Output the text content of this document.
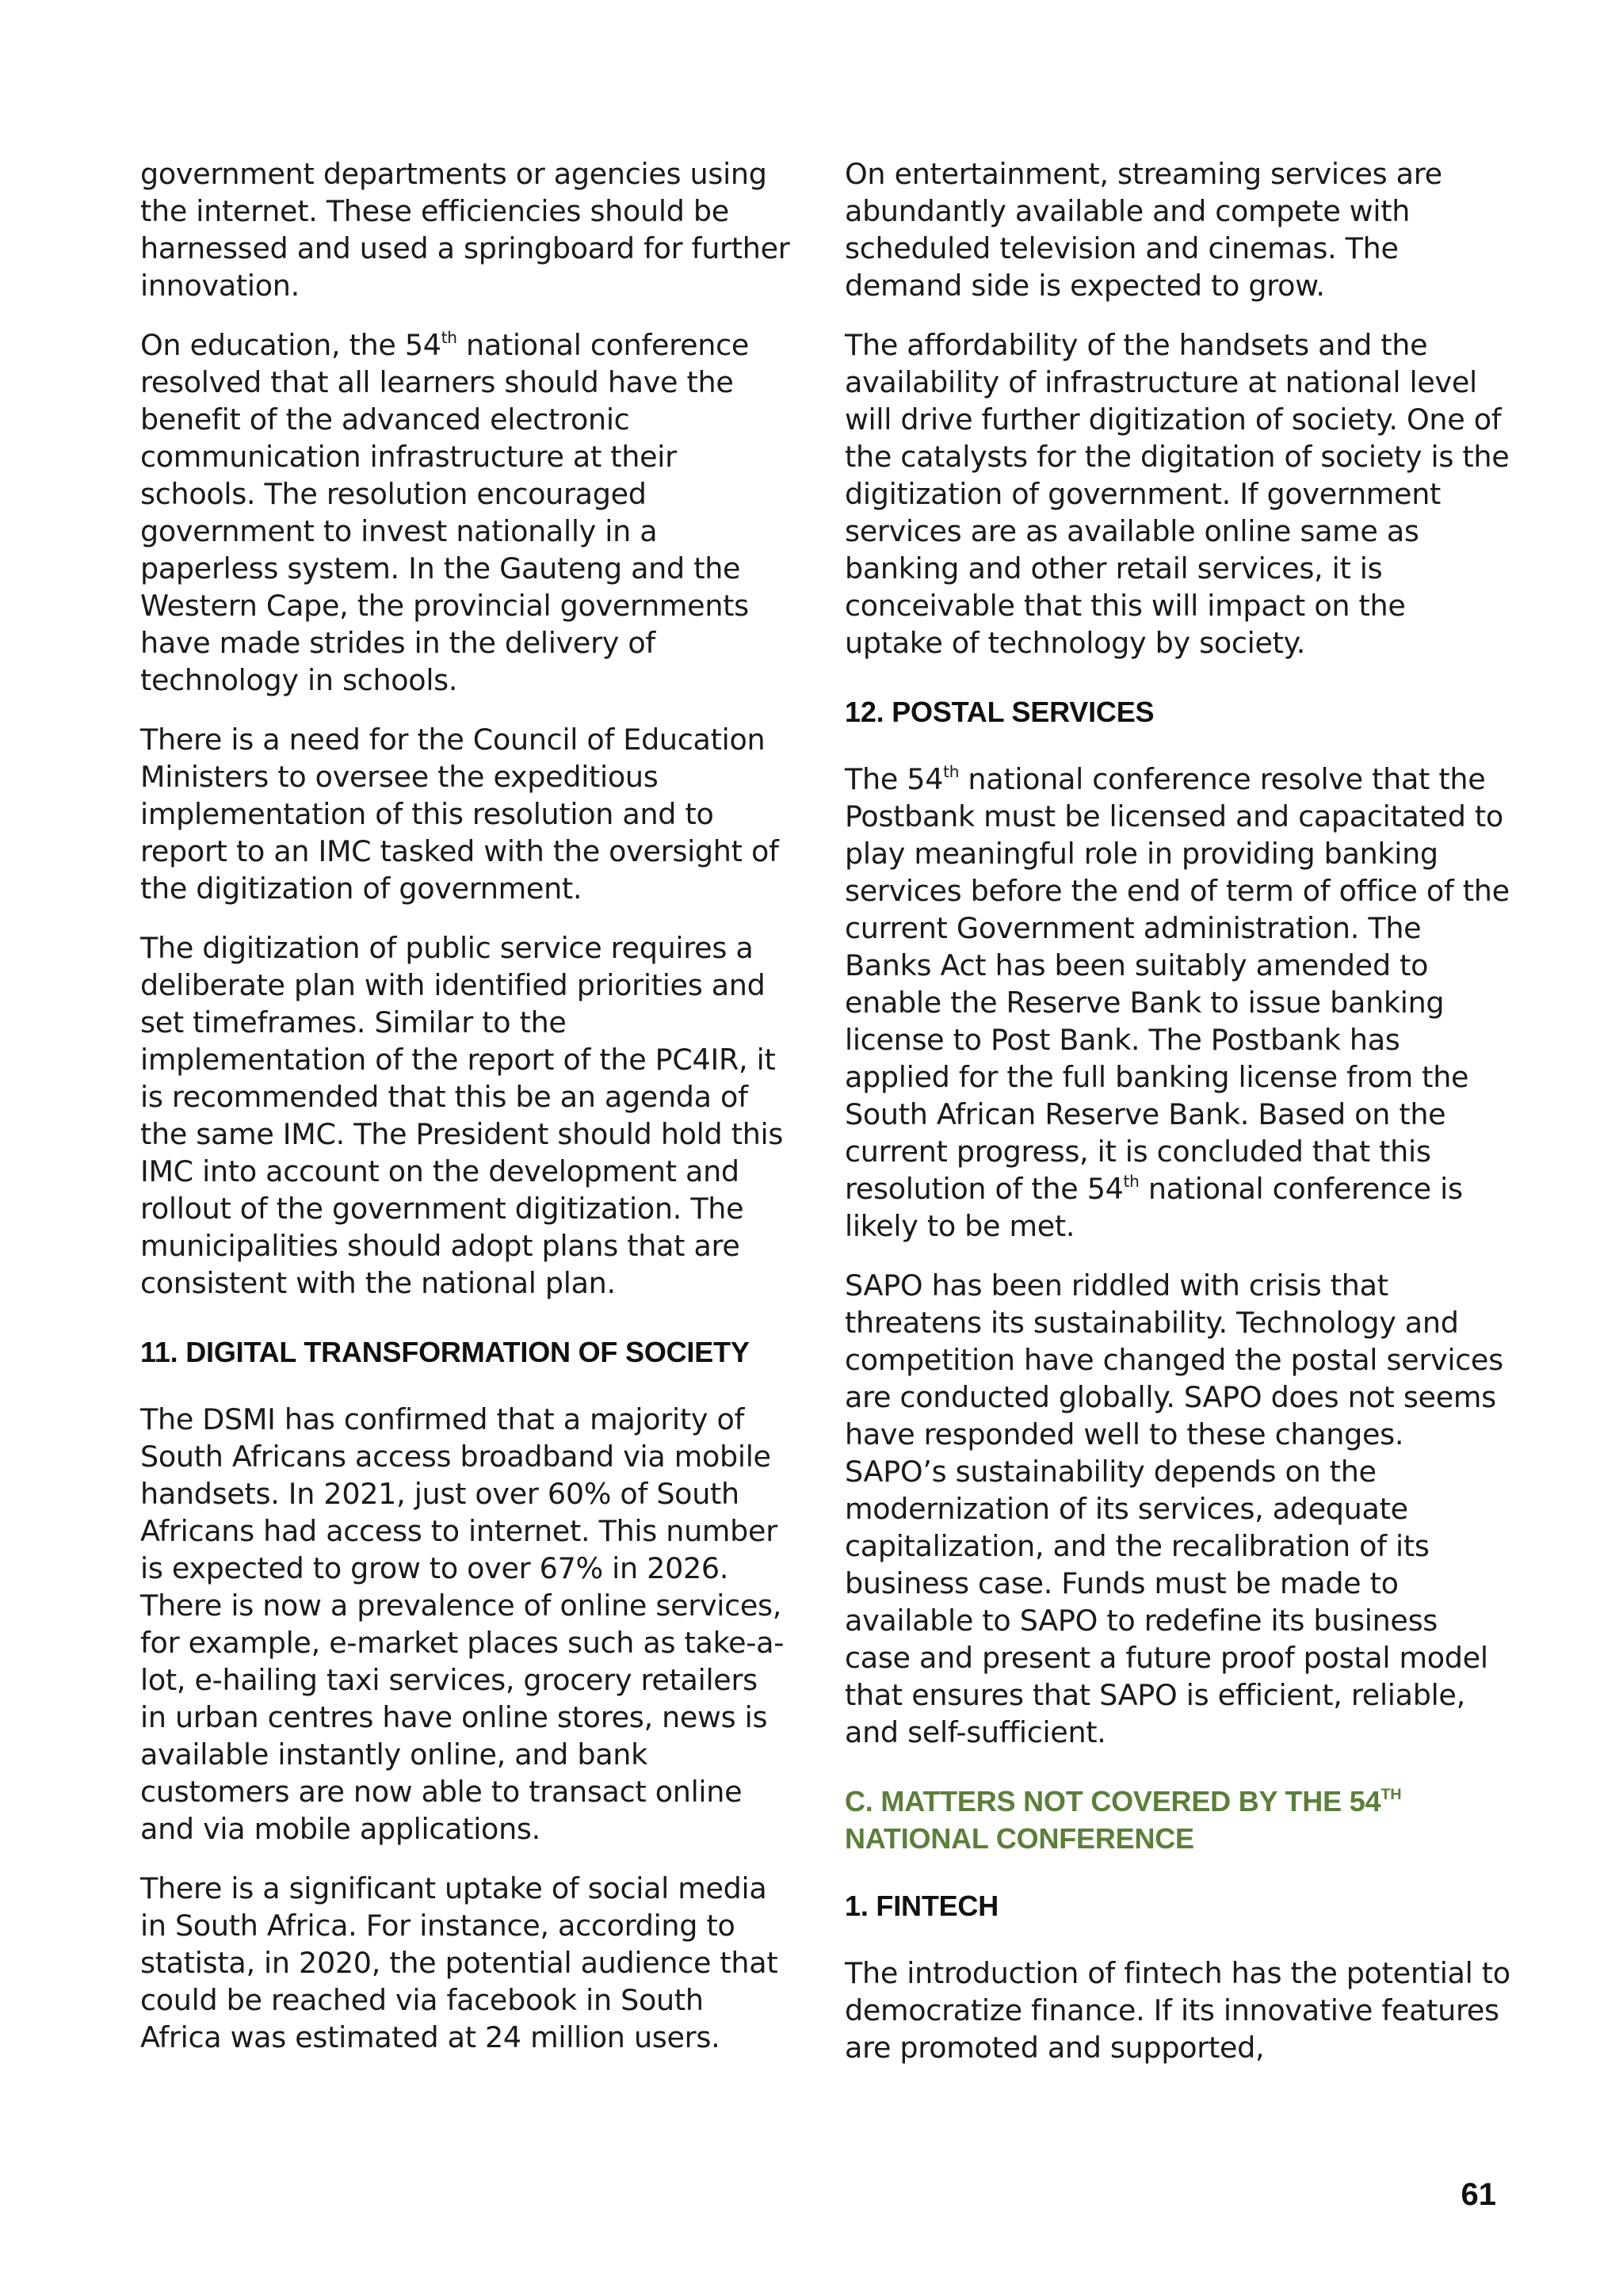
government departments or agencies using the internet. These efficiencies should be harnessed and used a springboard for further innovation.

On education, the 54th national conference resolved that all learners should have the benefit of the advanced electronic communication infrastructure at their schools. The resolution encouraged government to invest nationally in a paperless system. In the Gauteng and the Western Cape, the provincial governments have made strides in the delivery of technology in schools.

There is a need for the Council of Education Ministers to oversee the expeditious implementation of this resolution and to report to an IMC tasked with the oversight of the digitization of government.

The digitization of public service requires a deliberate plan with identified priorities and set timeframes. Similar to the implementation of the report of the PC4IR, it is recommended that this be an agenda of the same IMC. The President should hold this IMC into account on the development and rollout of the government digitization. The municipalities should adopt plans that are consistent with the national plan.

11. DIGITAL TRANSFORMATION OF SOCIETY

The DSMI has confirmed that a majority of South Africans access broadband via mobile handsets. In 2021, just over 60% of South Africans had access to internet. This number is expected to grow to over 67% in 2026. There is now a prevalence of online services, for example, e-market places such as take-a-lot, e-hailing taxi services, grocery retailers in urban centres have online stores, news is available instantly online, and bank customers are now able to transact online and via mobile applications.

There is a significant uptake of social media in South Africa. For instance, according to statista, in 2020, the potential audience that could be reached via facebook in South Africa was estimated at 24 million users.

On entertainment, streaming services are abundantly available and compete with scheduled television and cinemas. The demand side is expected to grow.

The affordability of the handsets and the availability of infrastructure at national level will drive further digitization of society. One of the catalysts for the digitation of society is the digitization of government. If government services are as available online same as banking and other retail services, it is conceivable that this will impact on the uptake of technology by society.

12. POSTAL SERVICES

The 54th national conference resolve that the Postbank must be licensed and capacitated to play meaningful role in providing banking services before the end of term of office of the current Government administration. The Banks Act has been suitably amended to enable the Reserve Bank to issue banking license to Post Bank. The Postbank has applied for the full banking license from the South African Reserve Bank. Based on the current progress, it is concluded that this resolution of the 54th national conference is likely to be met.

SAPO has been riddled with crisis that threatens its sustainability. Technology and competition have changed the postal services are conducted globally. SAPO does not seems have responded well to these changes. SAPO’s sustainability depends on the modernization of its services, adequate capitalization, and the recalibration of its business case. Funds must be made to available to SAPO to redefine its business case and present a future proof postal model that ensures that SAPO is efficient, reliable, and self-sufficient.

C. MATTERS NOT COVERED BY THE 54TH NATIONAL CONFERENCE

1. FINTECH

The introduction of fintech has the potential to democratize finance. If its innovative features are promoted and supported,

61
